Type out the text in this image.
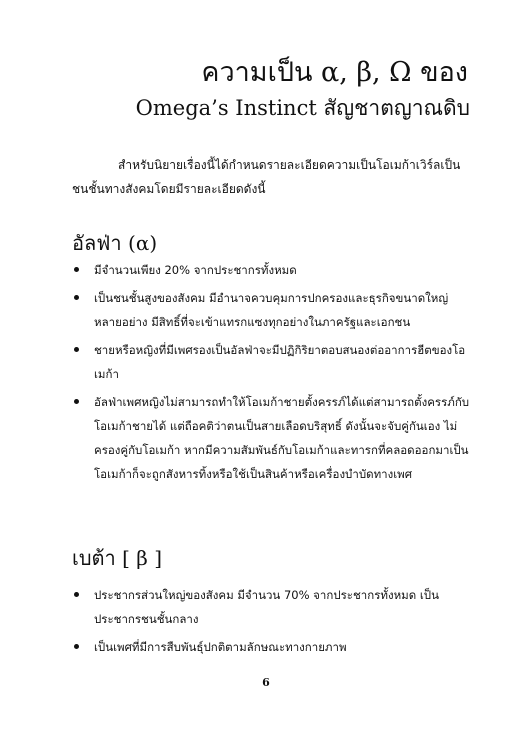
ความเป็น α, β, Ω ของ
Omega’s Instinct สัญชาตญาณดิบ
สำหรับนิยายเรื่องนี้ได้กำหนดรายละเอียดความเป็นโอเมก้าเวิร์ลเป็นชนชั้นทางสังคมโดยมีรายละเอียดดังนี้
อัลฟ่า (α)
มีจำนวนเพียง 20% จากประชากรทั้งหมด
เป็นชนชั้นสูงของสังคม มีอำนาจควบคุมการปกครองและธุรกิจขนาดใหญ่หลายอย่าง มีสิทธิ์ที่จะเข้าแทรกแซงทุกอย่างในภาครัฐและเอกชน
ชายหรือหญิงที่มีเพศรองเป็นอัลฟ่าจะมีปฏิกิริยาตอบสนองต่ออาการฮีตของโอเมก้า
อัลฟ่าเพศหญิงไม่สามารถทำให้โอเมก้าชายตั้งครรภ์ได้แต่สามารถตั้งครรภ์กับโอเมก้าชายได้ แต่ถือคติว่าตนเป็นสายเลือดบริสุทธิ์ ดังนั้นจะจับคู่กันเอง ไม่ครองคู่กับโอเมก้า หากมีความสัมพันธ์กับโอเมก้าและทารกที่คลอดออกมาเป็นโอเมก้าก็จะถูกสังหารทิ้งหรือใช้เป็นสินค้าหรือเครื่องบำบัดทางเพศ
เบต้า [ β ]
ประชากรส่วนใหญ่ของสังคม มีจำนวน 70% จากประชากรทั้งหมด เป็นประชากรชนชั้นกลาง
เป็นเพศที่มีการสืบพันธุ์ปกติตามลักษณะทางกายภาพ
6
